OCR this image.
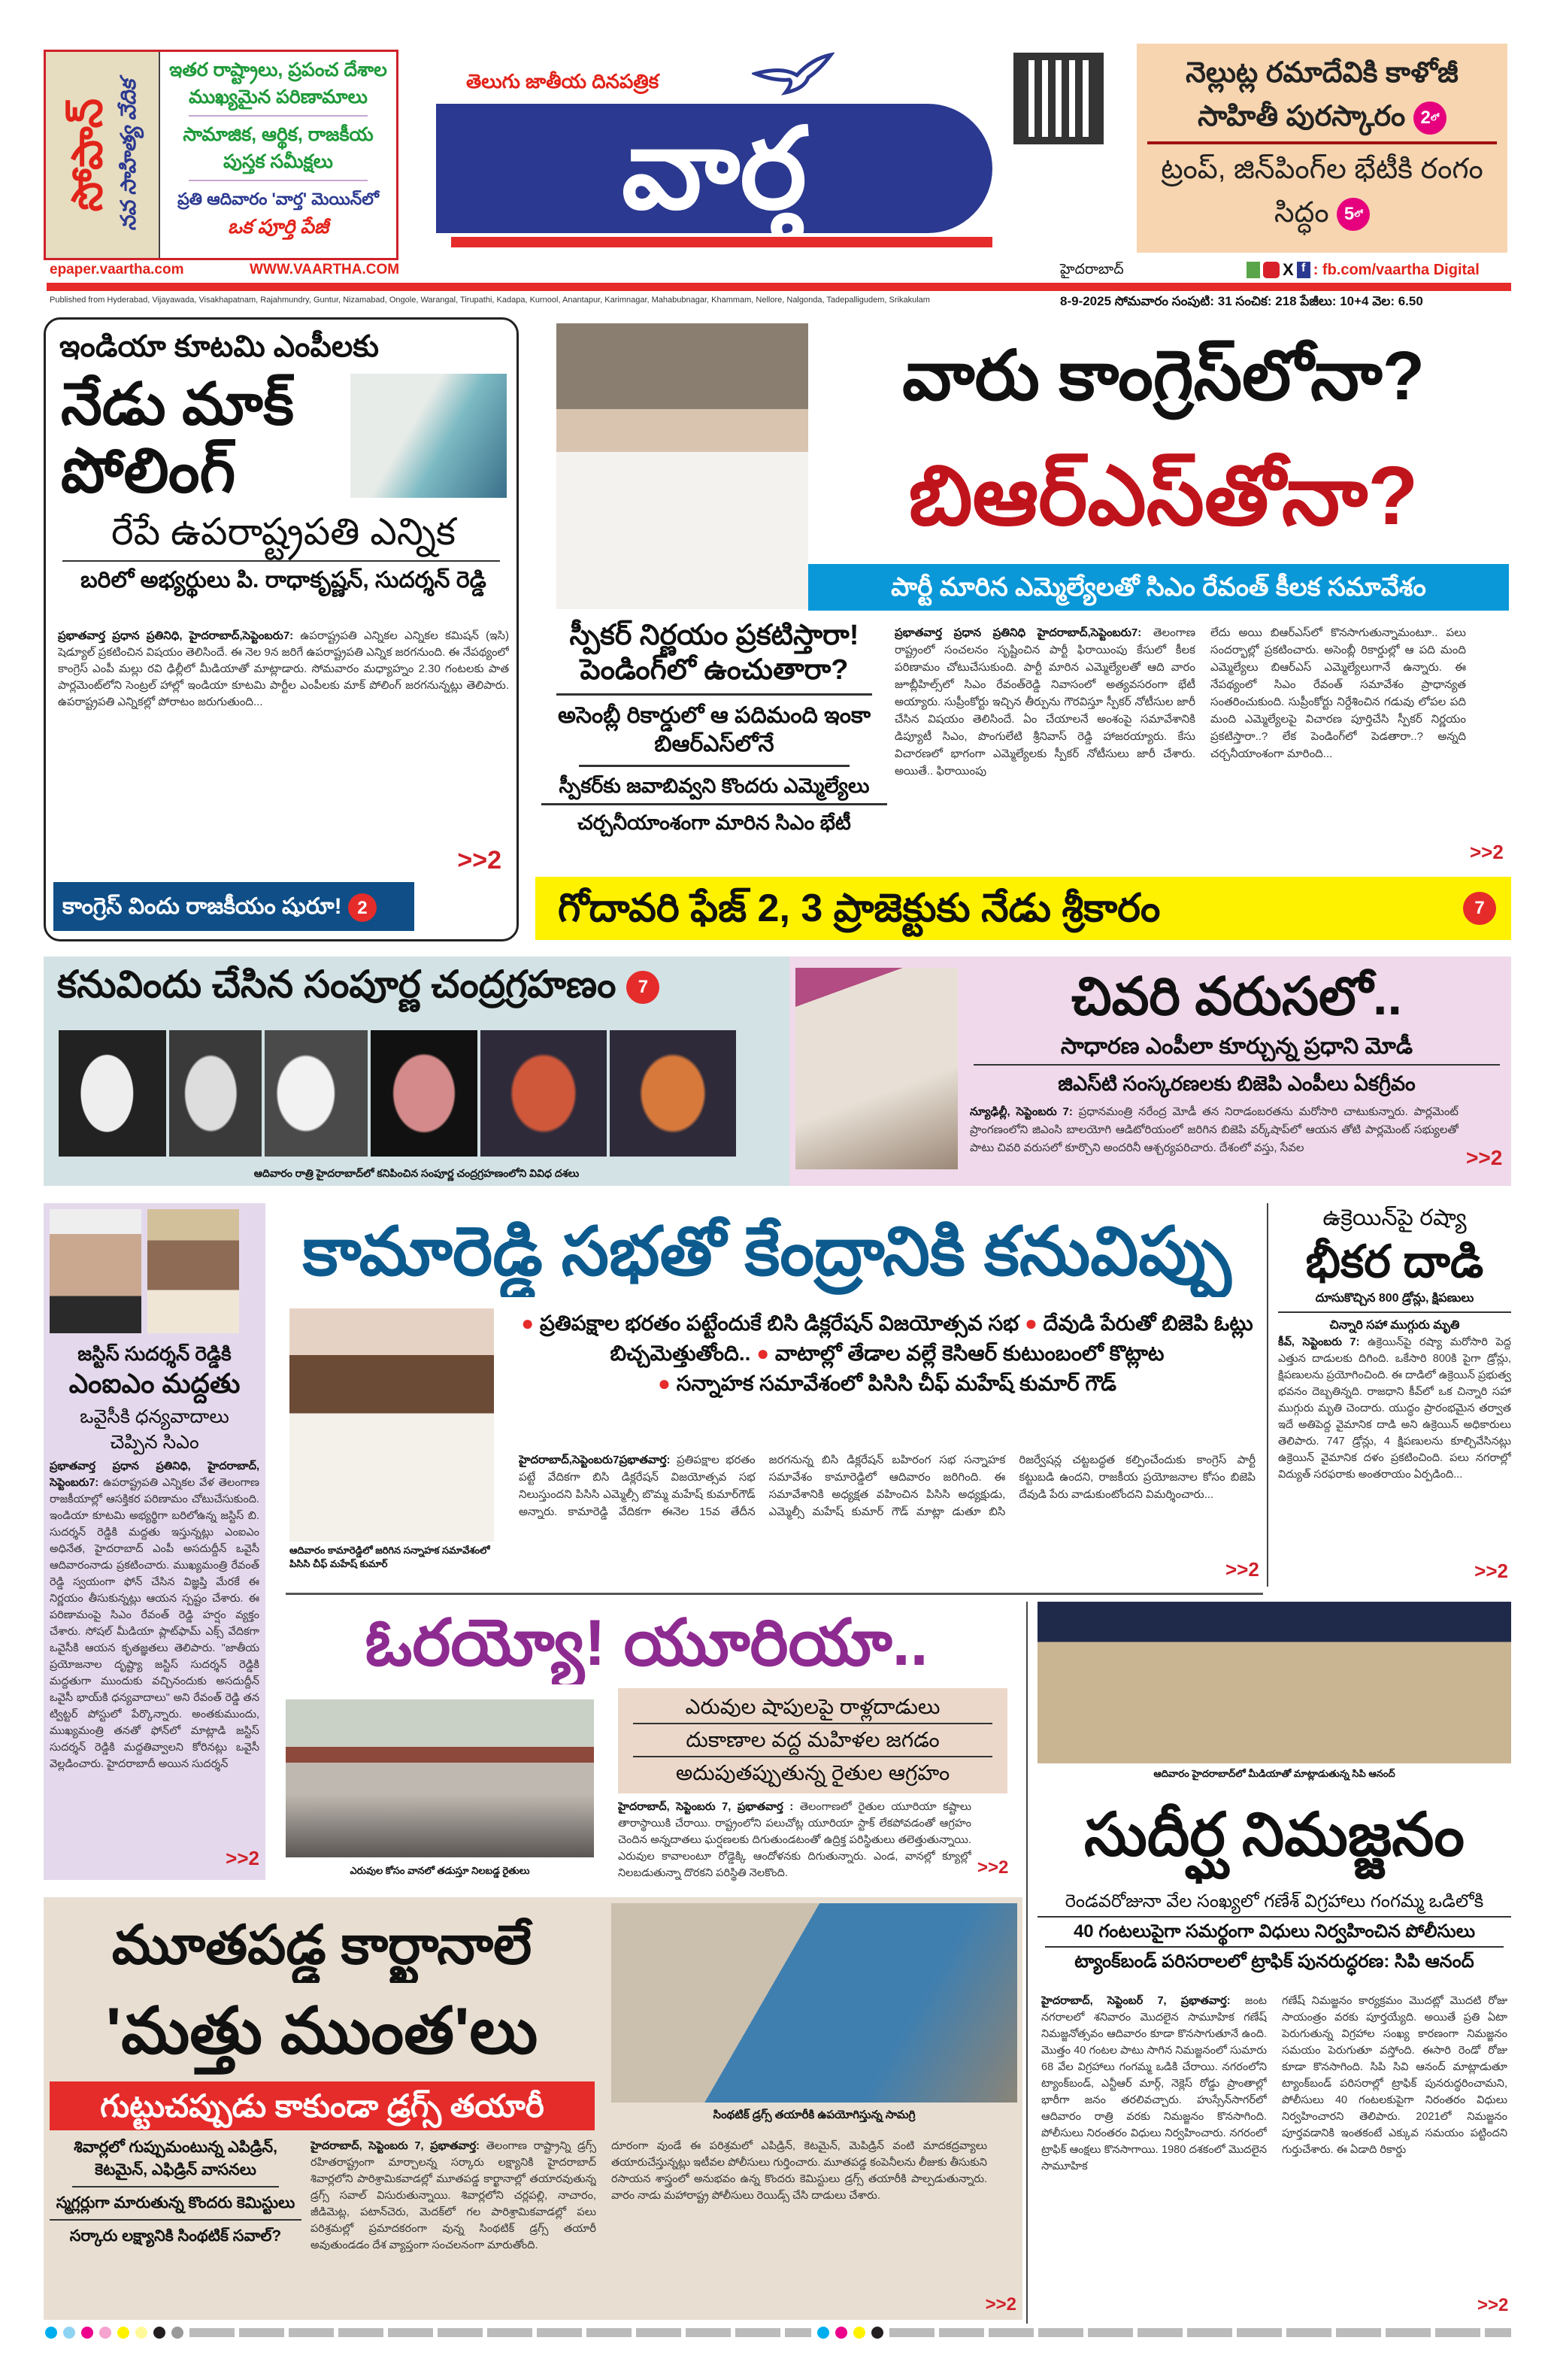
సోపాన్ నవ సాహిత్య వేదిక
ఇతర రాష్ట్రాలు, ప్రపంచ దేశాల
ముఖ్యమైన పరిణామాలు
సామాజిక, ఆర్థిక, రాజకీయ
పుస్తక సమీక్షలు
ప్రతి ఆదివారం 'వార్త' మెయిన్‌లో
ఒక పూర్తి పేజీ
తెలుగు జాతీయ దినపత్రిక
వార్త
నెల్లుట్ల రమాదేవికి కాళోజీ సాహితీ పురస్కారం 2 లో
ట్రంప్, జిన్‌పింగ్‌ల భేటీకి రంగం సిద్ధం 5 లో
epaper.vaartha.com	WWW.VAARTHA.COM	హైదరాబాద్	X f : fb.com/vaartha Digital
Published from Hyderabad, Vijayawada, Visakhapatnam, Rajahmundry, Guntur, Nizamabad, Ongole, Warangal, Tirupathi, Kadapa, Kurnool, Anantapur, Karimnagar, Mahabubnagar, Khammam, Nellore, Nalgonda, Tadepalligudem, Srikakulam	8-9-2025 సోమవారం సంపుటి: 31 సంచిక: 218 పేజీలు: 10+4 వెల: 6.50
ఇండియా కూటమి ఎంపీలకు
నేడు మాక్
పోలింగ్
రేపే ఉపరాష్ట్రపతి ఎన్నిక
బరిలో అభ్యర్థులు పి. రాధాకృష్ణన్, సుదర్శన్ రెడ్డి
ప్రభాతవార్త ప్రధాన ప్రతినిధి, హైదరాబాద్,సెప్టెంబరు7: ఉపరాష్ట్రపతి ఎన్నికల ఎన్నికల కమిషన్ (ఇసి) షెడ్యూల్ ప్రకటించిన విషయం తెలిసిందే. ఈ నెల 9న జరిగే ఉపరాష్ట్రపతి ఎన్నిక జరగనుంది. ఈ నేపథ్యంలో కాంగ్రెస్ ఎంపీ మల్లు రవి ఢిల్లీలో మీడియాతో మాట్లాడారు. సోమవారం మధ్యాహ్నం 2.30 గంటలకు పాత పార్లమెంట్‌లోని సెంట్రల్ హాల్లో ఇండియా కూటమి పార్టీల ఎంపీలకు మాక్ పోలింగ్ జరగనున్నట్లు తెలిపారు. ఉపరాష్ట్రపతి ఎన్నికల్లో పోరాటం జరుగుతుంది...
>>2
కాంగ్రెస్ విందు రాజకీయం షురూ! 2
వారు కాంగ్రెస్‌లోనా?
బిఆర్‌ఎస్‌తోనా?
పార్టీ మారిన ఎమ్మెల్యేలతో సిఎం రేవంత్ కీలక సమావేశం
స్పీకర్ నిర్ణయం ప్రకటిస్తారా! పెండింగ్‌లో ఉంచుతారా?
అసెంబ్లీ రికార్డులో ఆ పదిమంది ఇంకా బిఆర్‌ఎస్‌లోనే
స్పీకర్‌కు జవాబివ్వని కొందరు ఎమ్మెల్యేలు
చర్చనీయాంశంగా మారిన సిఎం భేటీ
ప్రభాతవార్త ప్రధాన ప్రతినిధి హైదరాబాద్,సెప్టెంబరు7: తెలంగాణ రాష్ట్రంలో సంచలనం సృష్టించిన పార్టీ ఫిరాయింపు కేసులో కీలక పరిణామం చోటుచేసుకుంది. పార్టీ మారిన ఎమ్మెల్యేలతో ఆది వారం జూబ్లీహిల్స్‌లో సిఎం రేవంత్‌రెడ్డి నివాసంలో అత్యవసరంగా భేటీ అయ్యారు. సుప్రీంకోర్టు ఇచ్చిన తీర్పును గౌరవిస్తూ స్పీకర్ నోటీసుల జారీ చేసిన విషయం తెలిసిందే. ఏం చేయాలనే అంశంపై సమావేశానికి డిప్యూటీ సిఎం, పొంగులేటి శ్రీనివాస్ రెడ్డి హాజరయ్యారు. కేసు విచారణలో భాగంగా ఎమ్మెల్యేలకు స్పీకర్ నోటీసులు జారీ చేశారు. అయితే.. ఫిరాయింపు
లేదు అయి బిఆర్‌ఎస్‌లో కొనసాగుతున్నామంటూ.. పలు సందర్భాల్లో ప్రకటించారు. అసెంబ్లీ రికార్డుల్లో ఆ పది మంది ఎమ్మెల్యేలు బిఆర్‌ఎస్ ఎమ్మెల్యేలుగానే ఉన్నారు. ఈ నేపథ్యంలో సిఎం రేవంత్ సమావేశం ప్రాధాన్యత సంతరించుకుంది. సుప్రీంకోర్టు నిర్దేశించిన గడువు లోపల పది మంది ఎమ్మెల్యేలపై విచారణ పూర్తిచేసి స్పీకర్ నిర్ణయం ప్రకటిస్తారా..? లేక పెండింగ్‌లో పెడతారా..? అన్నది చర్చనీయాంశంగా మారింది...
>>2
గోదావరి ఫేజ్ 2, 3 ప్రాజెక్టుకు నేడు శ్రీకారం	7
కనువిందు చేసిన సంపూర్ణ చంద్రగ్రహణం 7
ఆదివారం రాత్రి హైదరాబాద్‌లో కనిపించిన సంపూర్ణ చంద్రగ్రహణంలోని వివిధ దశలు
చివరి వరుసలో..
సాధారణ ఎంపీలా కూర్చున్న ప్రధాని మోడీ
జిఎస్‌టి సంస్కరణలకు బిజెపి ఎంపీలు ఏకగ్రీవం
న్యూఢిల్లీ, సెప్టెంబరు 7: ప్రధానమంత్రి నరేంద్ర మోడీ తన నిరాడంబరతను మరోసారి చాటుకున్నారు. పార్లమెంట్ ప్రాంగణంలోని జిఎంసి బాలయోగి ఆడిటోరియంలో జరిగిన బిజెపి వర్క్‌షాప్‌లో ఆయన తోటి పార్లమెంట్ సభ్యులతో పాటు చివరి వరుసలో కూర్చొని అందరినీ ఆశ్చర్యపరిచారు. దేశంలో వస్తు, సేవల	>>2
జస్టిస్ సుదర్శన్ రెడ్డికి
ఎంఐఎం మద్దతు
ఒవైసీకి ధన్యవాదాలు చెప్పిన సిఎం
ప్రభాతవార్త ప్రధాన ప్రతినిధి, హైదరాబాద్, సెప్టెంబరు7: ఉపరాష్ట్రపతి ఎన్నికల వేళ తెలంగాణ రాజకీయాల్లో ఆసక్తికర పరిణామం చోటుచేసుకుంది. ఇండియా కూటమి అభ్యర్థిగా బరిలోఉన్న జస్టిస్ బి. సుదర్శన్ రెడ్డికి మద్దతు ఇస్తున్నట్లు ఎంఐఎం అధినేత, హైదరాబాద్ ఎంపీ అసదుద్దీన్ ఒవైసీ ఆదివారంనాడు ప్రకటించారు. ముఖ్యమంత్రి రేవంత్ రెడ్డి స్వయంగా ఫోన్ చేసిన విజ్ఞప్తి మేరకే ఈ నిర్ణయం తీసుకున్నట్లు ఆయన స్పష్టం చేశారు. ఈ పరిణామంపై సిఎం రేవంత్ రెడ్డి హర్షం వ్యక్తం చేశారు. సోషల్ మీడియా ప్లాట్‌ఫామ్ ఎక్స్ వేదికగా ఒవైసీకి ఆయన కృతజ్ఞతలు తెలిపారు. "జాతీయ ప్రయోజనాల దృష్ట్యా జస్టిస్ సుదర్శన్ రెడ్డికి మద్దతుగా ముందుకు వచ్చినందుకు అసదుద్దీన్ ఒవైసీ భాయ్‌కి ధన్యవాదాలు" అని రేవంత్ రెడ్డి తన ట్విట్టర్ పోస్టులో పేర్కొన్నారు. అంతకుముందు, ముఖ్యమంత్రి తనతో ఫోన్‌లో మాట్లాడి జస్టిస్ సుదర్శన్ రెడ్డికి మద్దతివ్వాలని కోరినట్లు ఒవైసీ వెల్లడించారు. హైదరాబాదీ అయిన సుదర్శన్
>>2
కామారెడ్డి సభతో కేంద్రానికి కనువిప్పు
ఆదివారం కామారెడ్డిలో జరిగిన సన్నాహక సమావేశంలో పిసిసి చీఫ్ మహేష్ కుమార్
● ప్రతిపక్షాల భరతం పట్టేందుకే బిసి డిక్లరేషన్ విజయోత్సవ సభ ● దేవుడి పేరుతో బిజెపి ఓట్లు బిచ్చమెత్తుతోంది.. ● వాటాల్లో తేడాల వల్లే కెసిఆర్ కుటుంబంలో కొట్లాట
● సన్నాహక సమావేశంలో పిసిసి చీఫ్ మహేష్ కుమార్ గౌడ్
హైదరాబాద్,సెప్టెంబరు7ప్రభాతవార్త: ప్రతిపక్షాల భరతం పట్టే వేదికగా బిసి డిక్లరేషన్ విజయోత్సవ సభ నిలుస్తుందని పిసిసి ఎమ్మెల్సీ బొమ్మ మహేష్ కుమార్‌గౌడ్ అన్నారు. కామారెడ్డి వేదికగా ఈనెల 15వ తేదీన జరగనున్న బిసి డిక్లరేషన్ బహిరంగ సభ సన్నాహక సమావేశం కామారెడ్డిలో ఆదివారం జరిగింది. ఈ సమావేశానికి అధ్యక్షత వహించిన పిసిసి అధ్యక్షుడు, ఎమ్మెల్సీ మహేష్ కుమార్ గౌడ్ మాట్లా డుతూ బిసి రిజర్వేషన్ల చట్టబద్ధత కల్పించేందుకు కాంగ్రెస్ పార్టీ కట్టుబడి ఉందని, రాజకీయ ప్రయోజనాల కోసం బిజెపి దేవుడి పేరు వాడుకుంటోందని విమర్శించారు...
>>2
ఉక్రెయిన్‌పై రష్యా
భీకర దాడి
దూసుకొచ్చిన 800 డ్రోన్లు, క్షిపణులు
చిన్నారి సహా ముగ్గురు మృతి
కీవ్, సెప్టెంబరు 7: ఉక్రెయిన్‌పై రష్యా మరోసారి పెద్ద ఎత్తున దాడులకు దిగింది. ఒకేసారి 800కి పైగా డ్రోన్లు, క్షిపణులను ప్రయోగించింది. ఈ దాడిలో ఉక్రెయిన్ ప్రభుత్వ భవనం దెబ్బతిన్నది. రాజధాని కీవ్‌లో ఒక చిన్నారి సహా ముగ్గురు మృతి చెందారు. యుద్ధం ప్రారంభమైన తర్వాత ఇదే అతిపెద్ద వైమానిక దాడి అని ఉక్రెయిన్ అధికారులు తెలిపారు. 747 డ్రోన్లు, 4 క్షిపణులను కూల్చివేసినట్లు ఉక్రెయిన్ వైమానిక దళం ప్రకటించింది. పలు నగరాల్లో విద్యుత్ సరఫరాకు అంతరాయం ఏర్పడింది...
>>2
ఓరయ్యో! యూరియా..
ఎరువుల కోసం వానలో తడుస్తూ నిలబడ్డ రైతులు
ఎరువుల షాపులపై రాళ్లదాడులు
దుకాణాల వద్ద మహిళల జగడం
అదుపుతప్పుతున్న రైతుల ఆగ్రహం
హైదరాబాద్, సెప్టెంబరు 7, ప్రభాతవార్త : తెలంగాణలో రైతుల యూరియా కష్టాలు తారాస్థాయికి చేరాయి. రాష్ట్రంలోని పలుచోట్ల యూరియా స్టాక్ లేకపోవడంతో ఆగ్రహం చెందిన అన్నదాతలు ఘర్షణలకు దిగుతుండటంతో ఉద్రిక్త పరిస్థితులు తలెత్తుతున్నాయి. ఎరువుల కావాలంటూ రోడ్డెక్కి ఆందోళనకు దిగుతున్నారు. ఎండ, వానల్లో క్యూల్లో నిలబడుతున్నా దొరకని పరిస్థితి నెలకొంది.	>>2
ఆదివారం హైదరాబాద్‌లో మీడియాతో మాట్లాడుతున్న సిపి ఆనంద్
సుదీర్ఘ నిమజ్జనం
రెండవరోజునా వేల సంఖ్యలో గణేశ్ విగ్రహాలు గంగమ్మ ఒడిలోకి
40 గంటలుపైగా సమర్థంగా విధులు నిర్వహించిన పోలీసులు
ట్యాంక్‌బండ్ పరిసరాలలో ట్రాఫిక్ పునరుద్ధరణ: సిపి ఆనంద్
హైదరాబాద్, సెప్టెంబర్ 7, ప్రభాతవార్త: జంట నగరాలలో శనివారం మొదలైన సామూహిక గణేష్ నిమజ్జనోత్సవం ఆదివారం కూడా కొనసాగుతూనే ఉంది. మొత్తం 40 గంటల పాటు సాగిన నిమజ్జనంలో సుమారు 68 వేల విగ్రహాలు గంగమ్మ ఒడికి చేరాయి. నగరంలోని ట్యాంక్‌బండ్, ఎన్టీఆర్ మార్గ్, నెక్లెస్ రోడ్డు ప్రాంతాల్లో భారీగా జనం తరలివచ్చారు. హుస్సేన్‌సాగర్‌లో ఆదివారం రాత్రి వరకు నిమజ్జనం కొనసాగింది. పోలీసులు నిరంతరం విధులు నిర్వహించారు. నగరంలో ట్రాఫిక్ ఆంక్షలు కొనసాగాయి. 1980 దశకంలో మొదలైన సామూహిక
గణేష్ నిమజ్జనం కార్యక్రమం మొదట్లో మొదటి రోజు సాయంత్రం వరకు పూర్తయ్యేది. అయితే ప్రతి ఏటా పెరుగుతున్న విగ్రహాల సంఖ్య కారణంగా నిమజ్జనం సమయం పెరుగుతూ వస్తోంది. ఈసారి రెండో రోజు కూడా కొనసాగింది. సిపి సివి ఆనంద్ మాట్లాడుతూ ట్యాంక్‌బండ్ పరిసరాల్లో ట్రాఫిక్ పునరుద్ధరించామని, పోలీసులు 40 గంటలకుపైగా నిరంతరం విధులు నిర్వహించారని తెలిపారు. 2021లో నిమజ్జనం పూర్తవడానికి ఇంతకంటే ఎక్కువ సమయం పట్టిందని గుర్తుచేశారు. ఈ ఏడాది రికార్డు
>>2
మూతపడ్డ కార్ఖానాలే
'మత్తు ముంత'లు
గుట్టుచప్పుడు కాకుండా డ్రగ్స్ తయారీ
శివార్లలో గుప్పుమంటున్న ఎపిడ్రిన్, కెటమైన్, ఎఫిడ్రిన్ వాసనలు
స్మగ్లర్లుగా మారుతున్న కొందరు కెమిస్టులు
సర్కారు లక్ష్యానికి సింథటిక్ సవాల్?
హైదరాబాద్, సెప్టెంబరు 7, ప్రభాతవార్త: తెలంగాణ రాష్ట్రాన్ని డ్రగ్స్ రహితరాష్ట్రంగా మార్చాలన్న సర్కారు లక్ష్యానికి హైదరాబాద్ శివార్లలోని పారిశ్రామికవాడల్లో మూతపడ్డ కార్ఖానాల్లో తయారవుతున్న డ్రగ్స్ సవాల్ విసురుతున్నాయి. శివార్లలోని చర్లపల్లి, నాచారం, జీడిమెట్ల, పటాన్‌చెరు, మెదక్‌లో గల పారిశ్రామికవాడల్లో పలు పరిశ్రమల్లో ప్రమాదకరంగా వున్న సింథటిక్ డ్రగ్స్ తయారీ అవుతుండడం దేశ వ్యాప్తంగా సంచలనంగా మారుతోంది.
సింథటిక్ డ్రగ్స్ తయారీకి ఉపయోగిస్తున్న సామగ్రి
దూరంగా వుండే ఈ పరిశ్రమలో ఎపిడ్రిన్, కెటమైన్, మెపిడ్రిన్ వంటి మాదకద్రవ్యాలు తయారుచేస్తున్నట్లు ఇటీవల పోలీసులు గుర్తించారు. మూతపడ్డ కంపెనీలను లీజుకు తీసుకుని రసాయన శాస్త్రంలో అనుభవం ఉన్న కొందరు కెమిస్టులు డ్రగ్స్ తయారీకి పాల్పడుతున్నారు. వారం నాడు మహారాష్ట్ర పోలీసులు రెయిడ్స్ చేసి దాడులు చేశారు.
>>2
